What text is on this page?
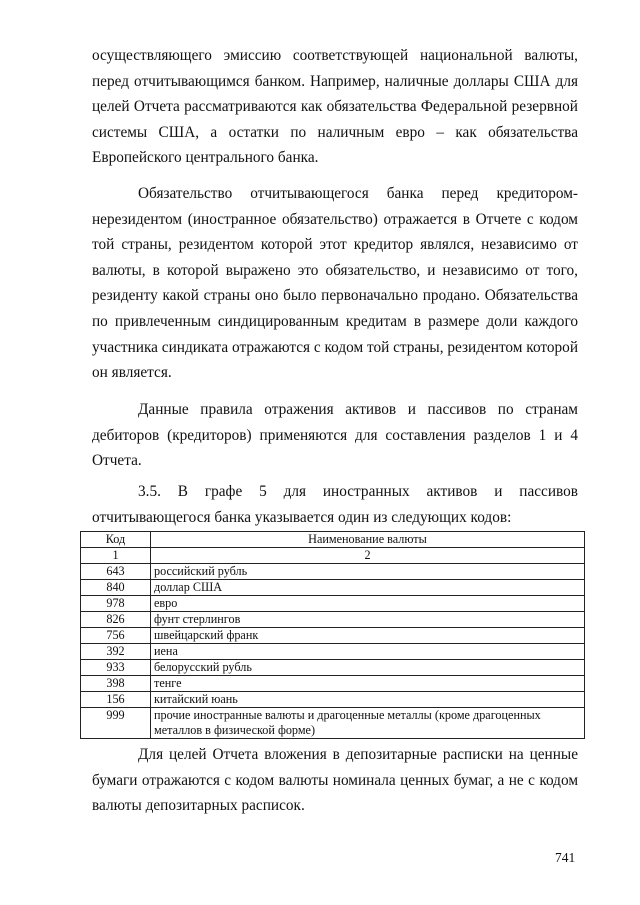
осуществляющего эмиссию соответствующей национальной валюты, перед отчитывающимся банком. Например, наличные доллары США для целей Отчета рассматриваются как обязательства Федеральной резервной системы США, а остатки по наличным евро – как обязательства Европейского центрального банка.

Обязательство отчитывающегося банка перед кредитором-нерезидентом (иностранное обязательство) отражается в Отчете с кодом той страны, резидентом которой этот кредитор являлся, независимо от валюты, в которой выражено это обязательство, и независимо от того, резиденту какой страны оно было первоначально продано. Обязательства по привлеченным синдицированным кредитам в размере доли каждого участника синдиката отражаются с кодом той страны, резидентом которой он является.

Данные правила отражения активов и пассивов по странам дебиторов (кредиторов) применяются для составления разделов 1 и 4 Отчета.

3.5. В графе 5 для иностранных активов и пассивов отчитывающегося банка указывается один из следующих кодов:

Код	Наименование валюты
1	2
643	российский рубль
840	доллар США
978	евро
826	фунт стерлингов
756	швейцарский франк
392	иена
933	белорусский рубль
398	тенге
156	китайский юань
999	прочие иностранные валюты и драгоценные металлы (кроме драгоценных металлов в физической форме)

Для целей Отчета вложения в депозитарные расписки на ценные бумаги отражаются с кодом валюты номинала ценных бумаг, а не с кодом валюты депозитарных расписок.

741
